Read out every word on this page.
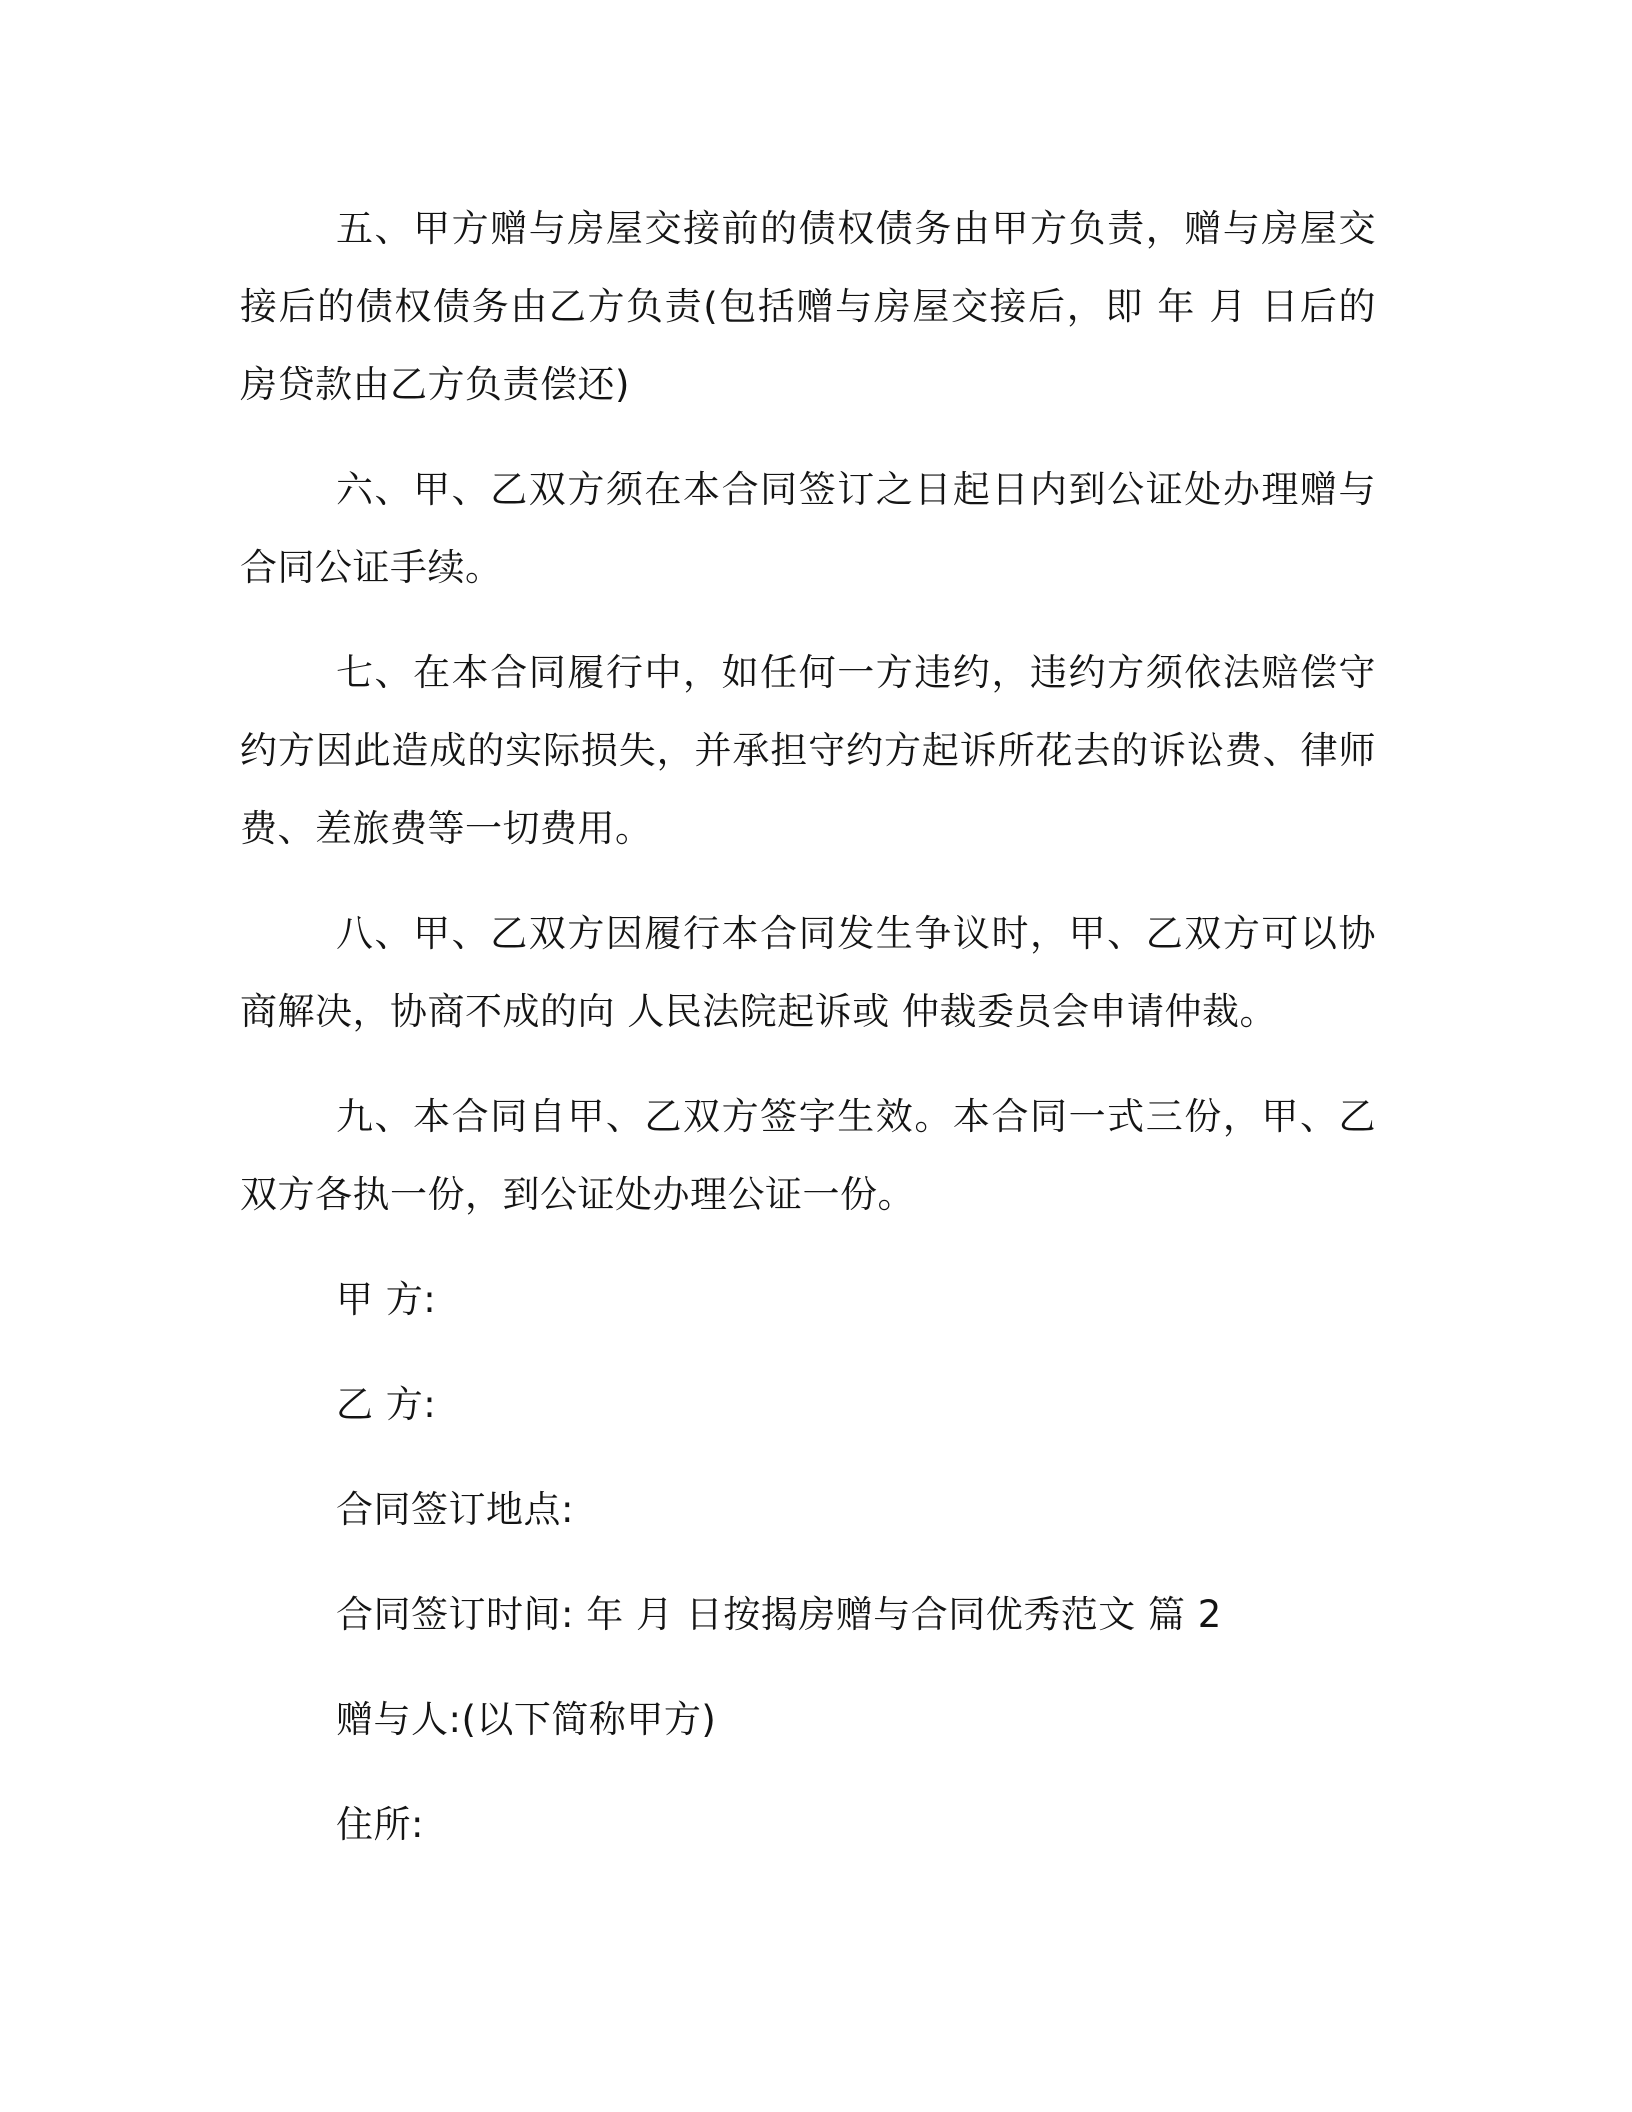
五、甲方赠与房屋交接前的债权债务由甲方负责，赠与房屋交接后的债权债务由乙方负责(包括赠与房屋交接后，即 年 月 日后的房贷款由乙方负责偿还)

六、甲、乙双方须在本合同签订之日起日内到公证处办理赠与合同公证手续。

七、在本合同履行中，如任何一方违约，违约方须依法赔偿守约方因此造成的实际损失，并承担守约方起诉所花去的诉讼费、律师费、差旅费等一切费用。

八、甲、乙双方因履行本合同发生争议时，甲、乙双方可以协商解决，协商不成的向 人民法院起诉或 仲裁委员会申请仲裁。

九、本合同自甲、乙双方签字生效。本合同一式三份，甲、乙双方各执一份，到公证处办理公证一份。

甲 方:

乙 方:

合同签订地点:

合同签订时间: 年 月 日按揭房赠与合同优秀范文 篇 2

赠与人:(以下简称甲方)

住所:
